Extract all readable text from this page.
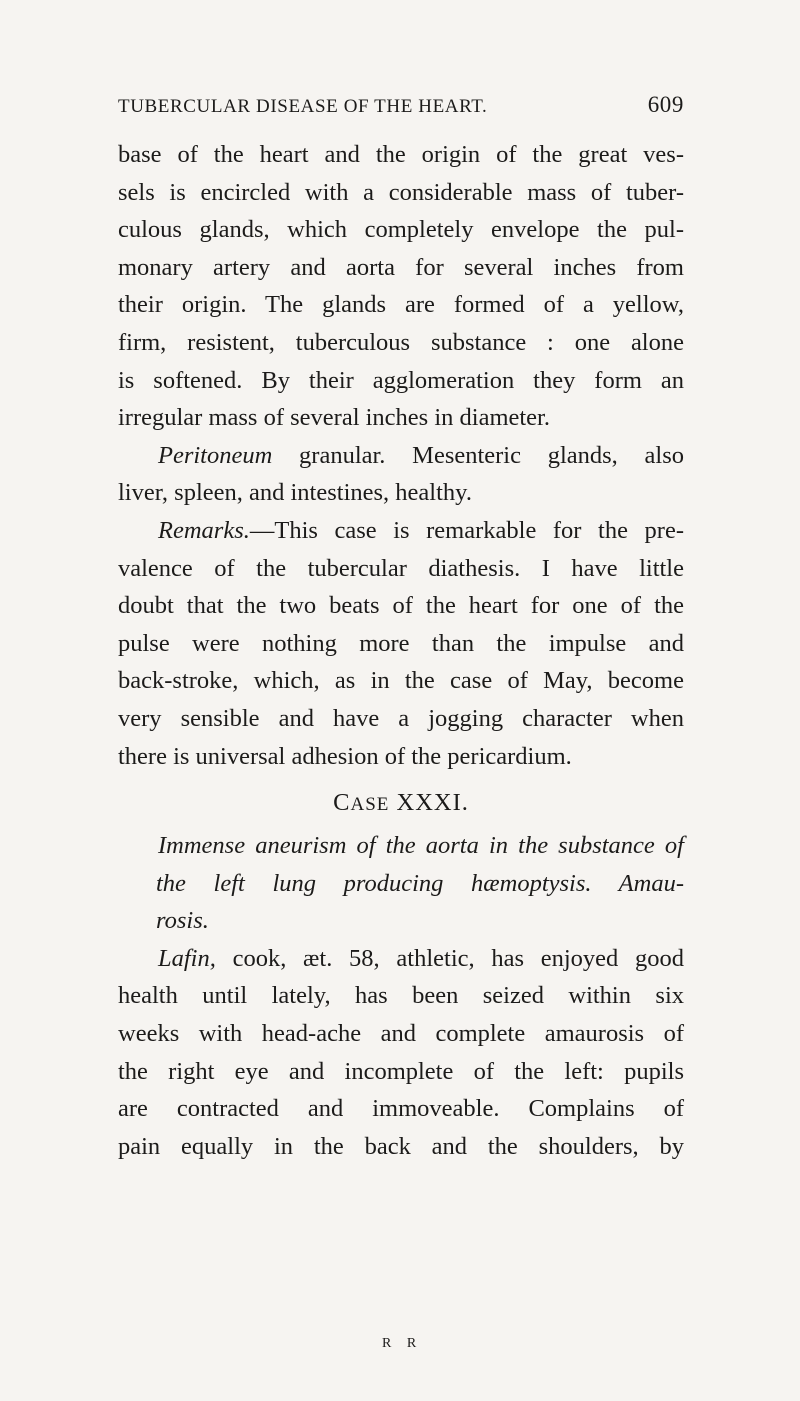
TUBERCULAR DISEASE OF THE HEART.	609
base of the heart and the origin of the great ves-
sels is encircled with a considerable mass of tuber-
culous glands, which completely envelope the pul-
monary artery and aorta for several inches from
their origin. The glands are formed of a yellow,
firm, resistent, tuberculous substance : one alone
is softened. By their agglomeration they form an
irregular mass of several inches in diameter.
Peritoneum granular. Mesenteric glands, also
liver, spleen, and intestines, healthy.
Remarks.—This case is remarkable for the pre-
valence of the tubercular diathesis. I have little
doubt that the two beats of the heart for one of the
pulse were nothing more than the impulse and
back-stroke, which, as in the case of May, become
very sensible and have a jogging character when
there is universal adhesion of the pericardium.
CASE XXXI.
Immense aneurism of the aorta in the substance of
the left lung producing hæmoptysis. Amau-
rosis.
Lafin, cook, æt. 58, athletic, has enjoyed good
health until lately, has been seized within six
weeks with head-ache and complete amaurosis of
the right eye and incomplete of the left: pupils
are contracted and immoveable. Complains of
pain equally in the back and the shoulders, by
R R
